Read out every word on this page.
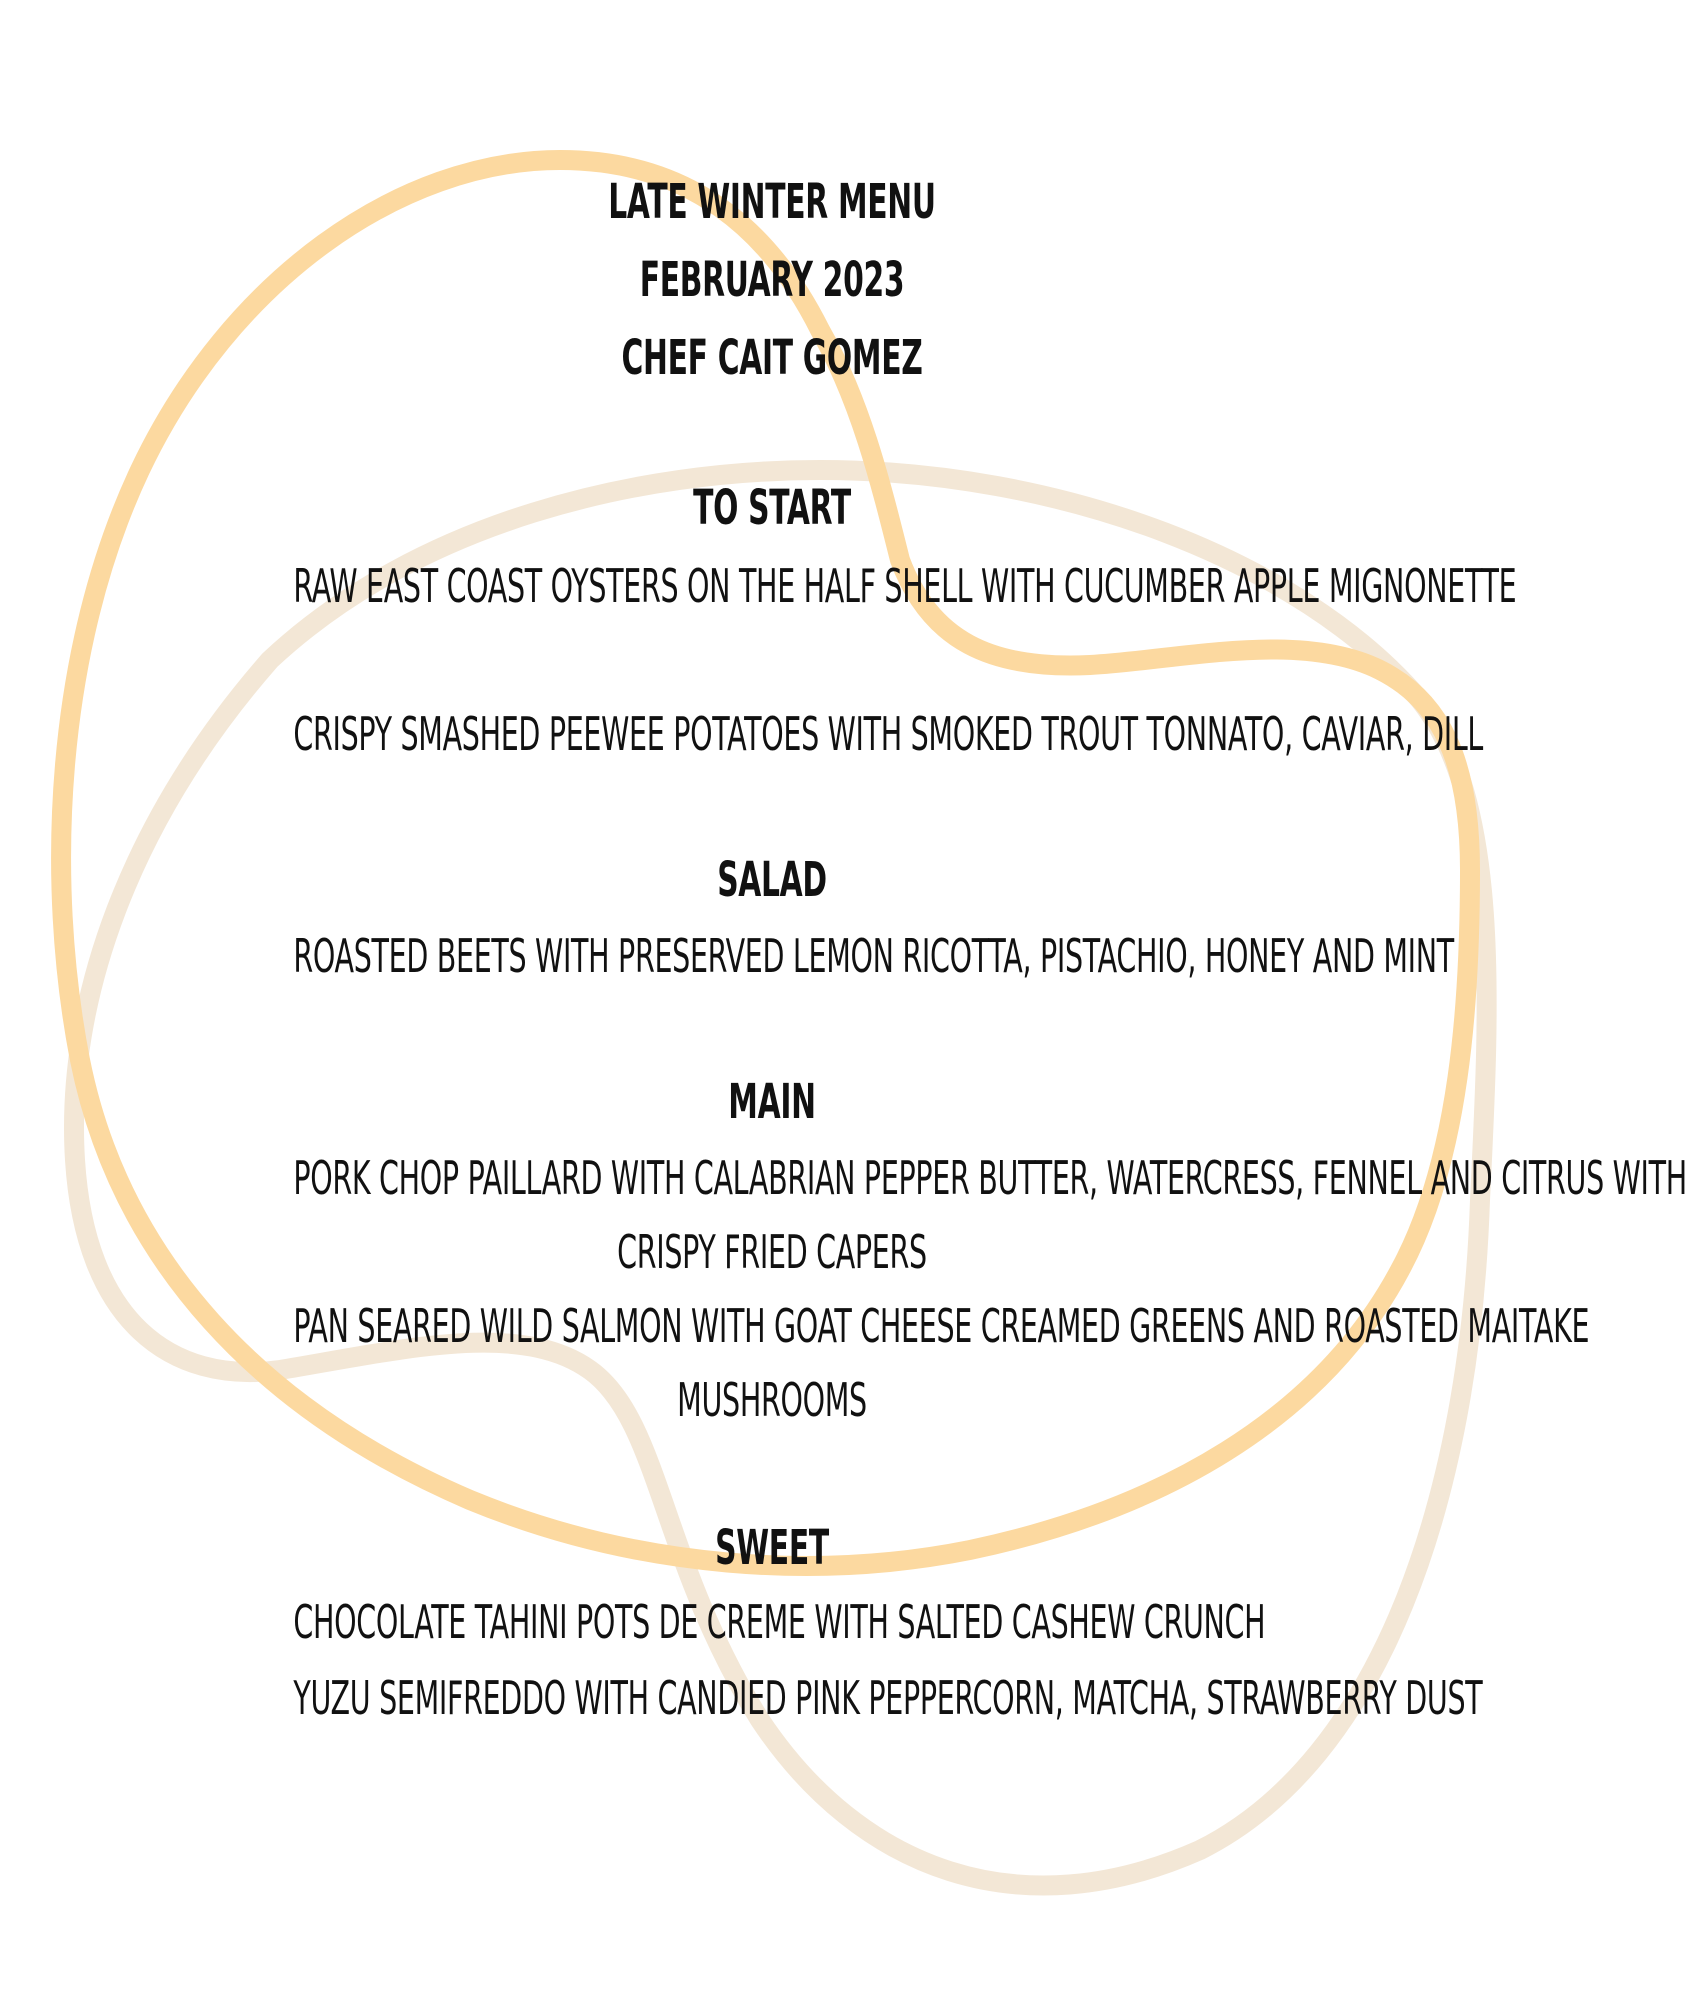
LATE WINTER MENU
FEBRUARY 2023
CHEF CAIT GOMEZ
TO START
RAW EAST COAST OYSTERS ON THE HALF SHELL WITH CUCUMBER APPLE MIGNONETTE
CRISPY SMASHED PEEWEE POTATOES WITH SMOKED TROUT TONNATO, CAVIAR, DILL
SALAD
ROASTED BEETS WITH PRESERVED LEMON RICOTTA, PISTACHIO, HONEY AND MINT
MAIN
PORK CHOP PAILLARD WITH CALABRIAN PEPPER BUTTER, WATERCRESS, FENNEL AND CITRUS WITH
CRISPY FRIED CAPERS
PAN SEARED WILD SALMON WITH GOAT CHEESE CREAMED GREENS AND ROASTED MAITAKE
MUSHROOMS
SWEET
CHOCOLATE TAHINI POTS DE CREME WITH SALTED CASHEW CRUNCH
YUZU SEMIFREDDO WITH CANDIED PINK PEPPERCORN, MATCHA, STRAWBERRY DUST
